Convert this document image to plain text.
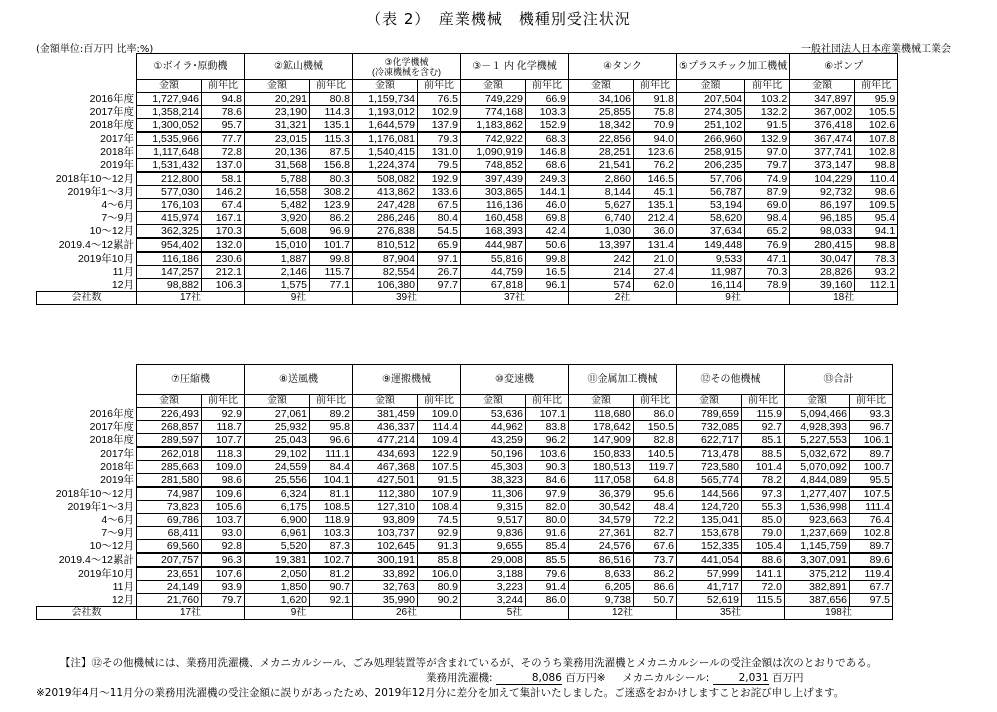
（表 2）　産業機械　機種別受注状況
(金額単位:百万円 比率:%)	一般社団法人日本産業機械工業会

	①ボイラ･原動機		②鉱山機械		③化学機械
(冷凍機械を含む)		③－１ 内 化学機械		④タンク		⑤プラスチック加工機械		⑥ポンプ	

	金額	前年比	金額	前年比	金額	前年比	金額	前年比	金額	前年比	金額	前年比	金額	前年比
2016年度	1,727,946	94.8	20,291	80.8	1,159,734	76.5	749,229	66.9	34,106	91.8	207,504	103.2	347,897	95.9
2017年度	1,358,214	78.6	23,190	114.3	1,193,012	102.9	774,168	103.3	25,855	75.8	274,305	132.2	367,002	105.5
2018年度	1,300,052	95.7	31,321	135.1	1,644,579	137.9	1,183,862	152.9	18,342	70.9	251,102	91.5	376,418	102.6
2017年	1,535,966	77.7	23,015	115.3	1,176,081	79.3	742,922	68.3	22,856	94.0	266,960	132.9	367,474	107.8
2018年	1,117,648	72.8	20,136	87.5	1,540,415	131.0	1,090,919	146.8	28,251	123.6	258,915	97.0	377,741	102.8
2019年	1,531,432	137.0	31,568	156.8	1,224,374	79.5	748,852	68.6	21,541	76.2	206,235	79.7	373,147	98.8
2018年10～12月	212,800	58.1	5,788	80.3	508,082	192.9	397,439	249.3	2,860	146.5	57,706	74.9	104,229	110.4
2019年1～3月	577,030	146.2	16,558	308.2	413,862	133.6	303,865	144.1	8,144	45.1	56,787	87.9	92,732	98.6
4～6月	176,103	67.4	5,482	123.9	247,428	67.5	116,136	46.0	5,627	135.1	53,194	69.0	86,197	109.5
7～9月	415,974	167.1	3,920	86.2	286,246	80.4	160,458	69.8	6,740	212.4	58,620	98.4	96,185	95.4
10～12月	362,325	170.3	5,608	96.9	276,838	54.5	168,393	42.4	1,030	36.0	37,634	65.2	98,033	94.1
2019.4～12累計	954,402	132.0	15,010	101.7	810,512	65.9	444,987	50.6	13,397	131.4	149,448	76.9	280,415	98.8
2019年10月	116,186	230.6	1,887	99.8	87,904	97.1	55,816	99.8	242	21.0	9,533	47.1	30,047	78.3
11月	147,257	212.1	2,146	115.7	82,554	26.7	44,759	16.5	214	27.4	11,987	70.3	28,826	93.2
12月	98,882	106.3	1,575	77.1	106,380	97.7	67,818	96.1	574	62.0	16,114	78.9	39,160	112.1
会社数	17社		9社		39社		37社		2社		9社		18社	

	⑦圧縮機		⑧送風機		⑨運搬機械		⑩変速機		⑪金属加工機械		⑫その他機械		⑬合計	

	金額	前年比	金額	前年比	金額	前年比	金額	前年比	金額	前年比	金額	前年比	金額	前年比
2016年度	226,493	92.9	27,061	89.2	381,459	109.0	53,636	107.1	118,680	86.0	789,659	115.9	5,094,466	93.3
2017年度	268,857	118.7	25,932	95.8	436,337	114.4	44,962	83.8	178,642	150.5	732,085	92.7	4,928,393	96.7
2018年度	289,597	107.7	25,043	96.6	477,214	109.4	43,259	96.2	147,909	82.8	622,717	85.1	5,227,553	106.1
2017年	262,018	118.3	29,102	111.1	434,693	122.9	50,196	103.6	150,833	140.5	713,478	88.5	5,032,672	89.7
2018年	285,663	109.0	24,559	84.4	467,368	107.5	45,303	90.3	180,513	119.7	723,580	101.4	5,070,092	100.7
2019年	281,580	98.6	25,556	104.1	427,501	91.5	38,323	84.6	117,058	64.8	565,774	78.2	4,844,089	95.5
2018年10～12月	74,987	109.6	6,324	81.1	112,380	107.9	11,306	97.9	36,379	95.6	144,566	97.3	1,277,407	107.5
2019年1～3月	73,823	105.6	6,175	108.5	127,310	108.4	9,315	82.0	30,542	48.4	124,720	55.3	1,536,998	111.4
4～6月	69,786	103.7	6,900	118.9	93,809	74.5	9,517	80.0	34,579	72.2	135,041	85.0	923,663	76.4
7～9月	68,411	93.0	6,961	103.3	103,737	92.9	9,836	91.6	27,361	82.7	153,678	79.0	1,237,669	102.8
10～12月	69,560	92.8	5,520	87.3	102,645	91.3	9,655	85.4	24,576	67.6	152,335	105.4	1,145,759	89.7
2019.4～12累計	207,757	96.3	19,381	102.7	300,191	85.8	29,008	85.5	86,516	73.7	441,054	88.6	3,307,091	89.6
2019年10月	23,651	107.6	2,050	81.2	33,892	106.0	3,188	79.6	8,633	86.2	57,999	141.1	375,212	119.4
11月	24,149	93.9	1,850	90.7	32,763	80.9	3,223	91.4	6,205	86.6	41,717	72.0	382,891	67.7
12月	21,760	79.7	1,620	92.1	35,990	90.2	3,244	86.0	9,738	50.7	52,619	115.5	387,656	97.5
会社数	17社		9社		26社		5社		12社		35社		198社	
【注】⑫その他機械には、業務用洗濯機、メカニカルシール、ごみ処理装置等が含まれているが、そのうち業務用洗濯機とメカニカルシールの受注金額は次のとおりである。
業務用洗濯機:	8,086 百万円※ メカニカルシール:	2,031 百万円
※2019年4月～11月分の業務用洗濯機の受注金額に誤りがあったため、2019年12月分に差分を加えて集計いたしました。ご迷惑をおかけしますことお詫び申し上げます。
